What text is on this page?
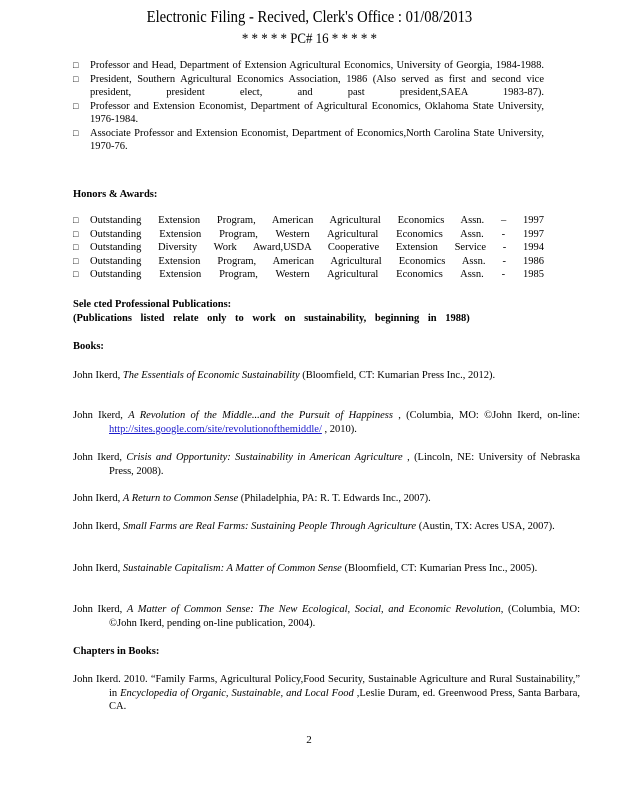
Electronic Filing - Recived, Clerk's Office : 01/08/2013
* * * * * PC# 16 * * * * *
□ Professor and Head, Department of Extension Agricultural Economics, University of Georgia, 1984-1988.
□ President, Southern Agricultural Economics Association, 1986 (Also served as first and second vice president, president elect, and past president,SAEA 1983-87).
□ Professor and Extension Economist, Department of Agricultural Economics, Oklahoma State University, 1976-1984.
□ Associate Professor and Extension Economist, Department of Economics,North Carolina State University, 1970-76.
Honors & Awards:
□ Outstanding Extension Program, American Agricultural Economics Assn. – 1997
□ Outstanding Extension Program, Western Agricultural Economics Assn. - 1997
□ Outstanding Diversity Work Award,USDA Cooperative Extension Service - 1994
□ Outstanding Extension Program, American Agricultural Economics Assn. - 1986
□ Outstanding Extension Program, Western Agricultural Economics Assn. - 1985
Sele cted Professional Publications:
(Publications listed relate only to work on sustainability, beginning in 1988)
Books:
John Ikerd, The Essentials of Economic Sustainability (Bloomfield, CT: Kumarian Press Inc., 2012).
John Ikerd, A Revolution of the Middle...and the Pursuit of Happiness , (Columbia, MO: ©John Ikerd, on-line: http://sites.google.com/site/revolutionofthemiddle/ , 2010).
John Ikerd, Crisis and Opportunity: Sustainability in American Agriculture , (Lincoln, NE: University of Nebraska Press, 2008).
John Ikerd, A Return to Common Sense (Philadelphia, PA: R. T. Edwards Inc., 2007).
John Ikerd, Small Farms are Real Farms: Sustaining People Through Agriculture (Austin, TX: Acres USA, 2007).
John Ikerd, Sustainable Capitalism: A Matter of Common Sense (Bloomfield, CT: Kumarian Press Inc., 2005).
John Ikerd, A Matter of Common Sense: The New Ecological, Social, and Economic Revolution, (Columbia, MO: ©John Ikerd, pending on-line publication, 2004).
Chapters in Books:
John Ikerd. 2010. “Family Farms, Agricultural Policy,Food Security, Sustainable Agriculture and Rural Sustainability,” in Encyclopedia of Organic, Sustainable, and Local Food ,Leslie Duram, ed. Greenwood Press, Santa Barbara, CA.
2
